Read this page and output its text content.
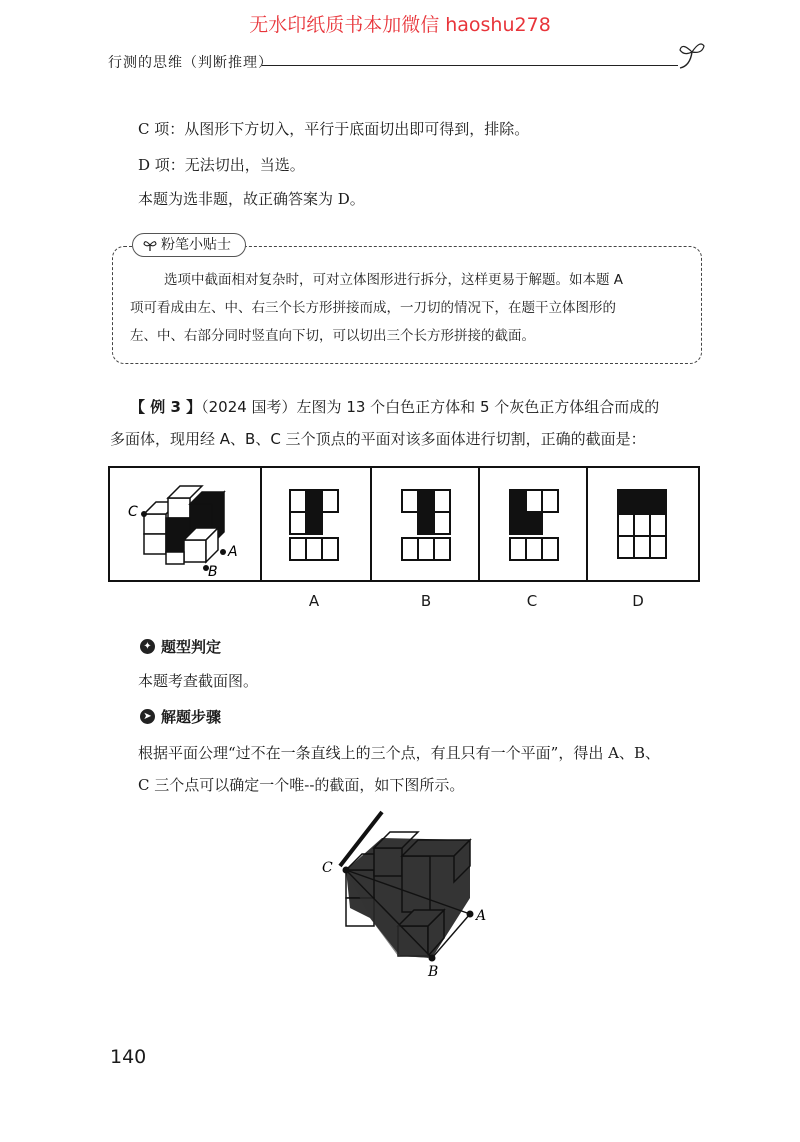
无水印纸质书本加微信 haoshu278
行测的思维（判断推理）
C 项：从图形下方切入，平行于底面切出即可得到，排除。
D 项：无法切出，当选。
本题为选非题，故正确答案为 D。
粉笔小贴士

选项中截面相对复杂时，可对立体图形进行拆分，这样更易于解题。如本题 A

项可看成由左、中、右三个长方形拼接而成，一刀切的情况下，在题干立体图形的

左、中、右部分同时竖直向下切，可以切出三个长方形拼接的截面。

【 例 3 】（2024 国考）左图为 13 个白色正方体和 5 个灰色正方体组合而成的
多面体，现用经 A、B、C 三个顶点的平面对该多面体进行切割，正确的截面是：
A
C
B
A	B	C	D
✦ 题型判定
本题考查截面图。
➤ 解题步骤
根据平面公理“过不在一条直线上的三个点，有且只有一个平面”，得出 A、B、
C 三个点可以确定一个唯--的截面，如下图所示。
C
A
B
140
